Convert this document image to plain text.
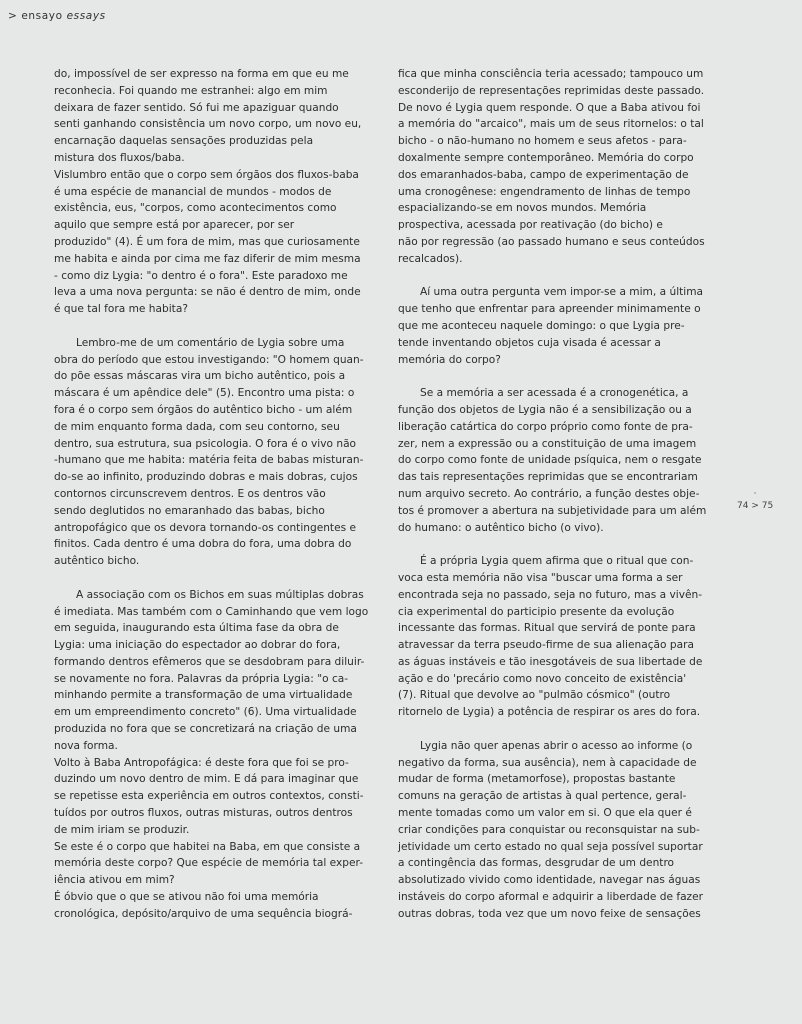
> ensayo essays

do, impossível de ser expresso na forma em que eu me
reconhecia. Foi quando me estranhei: algo em mim
deixara de fazer sentido. Só fui me apaziguar quando
senti ganhando consistência um novo corpo, um novo eu,
encarnação daquelas sensações produzidas pela
mistura dos fluxos/baba.

Vislumbro então que o corpo sem órgãos dos fluxos-baba
é uma espécie de manancial de mundos - modos de
existência, eus, "corpos, como acontecimentos como
aquilo que sempre está por aparecer, por ser
produzido" (4). É um fora de mim, mas que curiosamente
me habita e ainda por cima me faz diferir de mim mesma
- como diz Lygia: "o dentro é o fora". Este paradoxo me
leva a uma nova pergunta: se não é dentro de mim, onde
é que tal fora me habita?

Lembro-me de um comentário de Lygia sobre uma
obra do período que estou investigando: "O homem quan-
do põe essas máscaras vira um bicho autêntico, pois a
máscara é um apêndice dele" (5). Encontro uma pista: o
fora é o corpo sem órgãos do autêntico bicho - um além
de mim enquanto forma dada, com seu contorno, seu
dentro, sua estrutura, sua psicologia. O fora é o vivo não
-humano que me habita: matéria feita de babas misturan-
do-se ao infinito, produzindo dobras e mais dobras, cujos
contornos circunscrevem dentros. E os dentros vão
sendo deglutidos no emaranhado das babas, bicho
antropofágico que os devora tornando-os contingentes e
finitos. Cada dentro é uma dobra do fora, uma dobra do
autêntico bicho.

A associação com os Bichos em suas múltiplas dobras
é imediata. Mas também com o Caminhando que vem logo
em seguida, inaugurando esta última fase da obra de
Lygia: uma iniciação do espectador ao dobrar do fora,
formando dentros efêmeros que se desdobram para diluir-
se novamente no fora. Palavras da própria Lygia: "o ca-
minhando permite a transformação de uma virtualidade
em um empreendimento concreto" (6). Uma virtualidade
produzida no fora que se concretizará na criação de uma
nova forma.

Volto à Baba Antropofágica: é deste fora que foi se pro-
duzindo um novo dentro de mim. E dá para imaginar que
se repetisse esta experiência em outros contextos, consti-
tuídos por outros fluxos, outras misturas, outros dentros
de mim iriam se produzir.

Se este é o corpo que habitei na Baba, em que consiste a
memória deste corpo? Que espécie de memória tal exper-
iência ativou em mim?

É óbvio que o que se ativou não foi uma memória
cronológica, depósito/arquivo de uma sequência biográ-

fica que minha consciência teria acessado; tampouco um
esconderijo de representações reprimidas deste passado.
De novo é Lygia quem responde. O que a Baba ativou foi
a memória do "arcaico", mais um de seus ritornelos: o tal
bicho - o não-humano no homem e seus afetos - para-
doxalmente sempre contemporâneo. Memória do corpo
dos emaranhados-baba, campo de experimentação de
uma cronogênese: engendramento de linhas de tempo
espacializando-se em novos mundos. Memória
prospectiva, acessada por reativação (do bicho) e
não por regressão (ao passado humano e seus conteúdos
recalcados).

Aí uma outra pergunta vem impor-se a mim, a última
que tenho que enfrentar para apreender minimamente o
que me aconteceu naquele domingo: o que Lygia pre-
tende inventando objetos cuja visada é acessar a
memória do corpo?

Se a memória a ser acessada é a cronogenética, a
função dos objetos de Lygia não é a sensibilização ou a
liberação catártica do corpo próprio como fonte de pra-
zer, nem a expressão ou a constituição de uma imagem
do corpo como fonte de unidade psíquica, nem o resgate
das tais representações reprimidas que se encontrariam
num arquivo secreto. Ao contrário, a função destes obje-
tos é promover a abertura na subjetividade para um além
do humano: o autêntico bicho (o vivo).

É a própria Lygia quem afirma que o ritual que con-
voca esta memória não visa "buscar uma forma a ser
encontrada seja no passado, seja no futuro, mas a vivên-
cia experimental do participio presente da evolução
incessante das formas. Ritual que servirá de ponte para
atravessar da terra pseudo-firme de sua alienação para
as águas instáveis e tão inesgotáveis de sua libertade de
ação e do 'precário como novo conceito de existência'
(7). Ritual que devolve ao "pulmão cósmico" (outro
ritornelo de Lygia) a potência de respirar os ares do fora.

Lygia não quer apenas abrir o acesso ao informe (o
negativo da forma, sua ausência), nem à capacidade de
mudar de forma (metamorfose), propostas bastante
comuns na geração de artistas à qual pertence, geral-
mente tomadas como um valor em si. O que ela quer é
criar condições para conquistar ou reconsquistar na sub-
jetividade um certo estado no qual seja possível suportar
a contingência das formas, desgrudar de um dentro
absolutizado vivido como identidade, navegar nas águas
instáveis do corpo aformal e adquirir a liberdade de fazer
outras dobras, toda vez que um novo feixe de sensações

·
74 > 75
